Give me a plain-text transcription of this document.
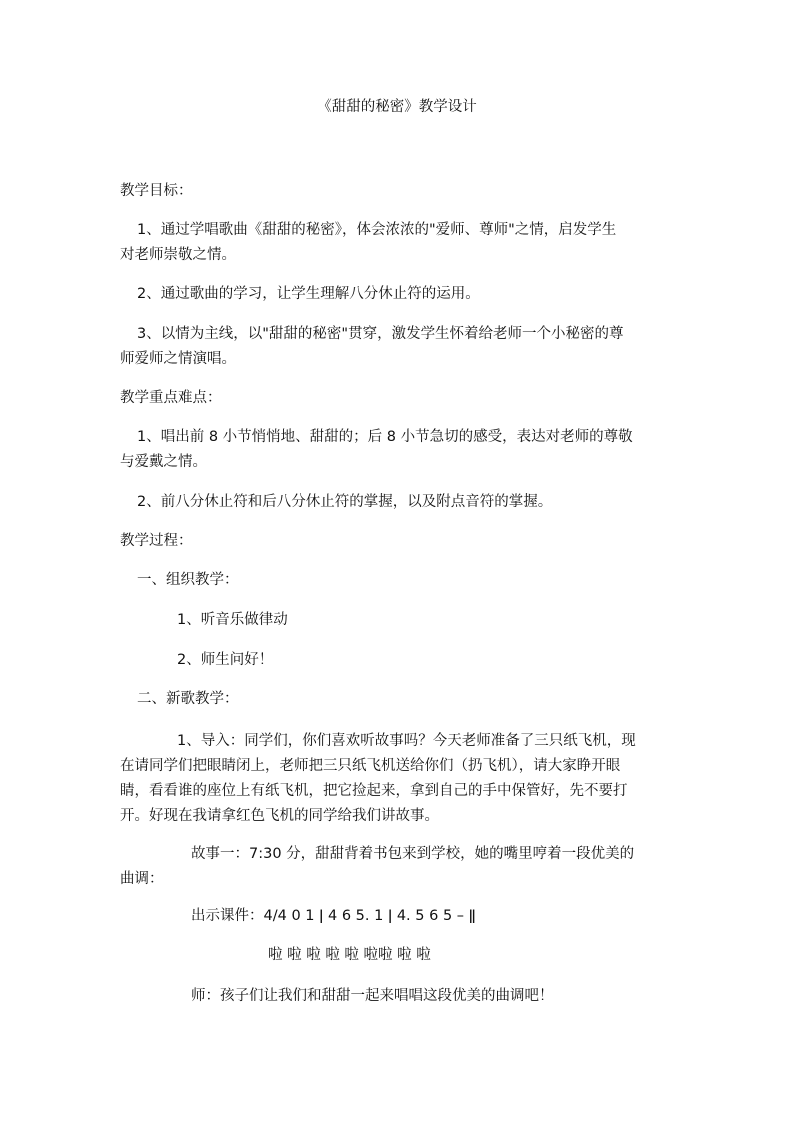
《甜甜的秘密》教学设计

教学目标：

1、通过学唱歌曲《甜甜的秘密》，体会浓浓的"爱师、尊师"之情，启发学生

对老师崇敬之情。

2、通过歌曲的学习，让学生理解八分休止符的运用。

3、以情为主线，以"甜甜的秘密"贯穿，激发学生怀着给老师一个小秘密的尊

师爱师之情演唱。

教学重点难点：

1、唱出前 8 小节悄悄地、甜甜的；后 8 小节急切的感受，表达对老师的尊敬

与爱戴之情。

2、前八分休止符和后八分休止符的掌握，以及附点音符的掌握。

教学过程：

一、组织教学：

1、听音乐做律动

2、师生问好！

二、新歌教学：

1、导入：同学们，你们喜欢听故事吗？今天老师准备了三只纸飞机，现

在请同学们把眼睛闭上，老师把三只纸飞机送给你们（扔飞机），请大家睁开眼

睛，看看谁的座位上有纸飞机，把它捡起来，拿到自己的手中保管好，先不要打

开。好现在我请拿红色飞机的同学给我们讲故事。

故事一：7:30 分，甜甜背着书包来到学校，她的嘴里哼着一段优美的

曲调：

出示课件：4/4 0 1 ǀ 4 6 5. 1 ǀ 4. 5 6 5 – ǁ

啦 啦 啦 啦 啦 啦啦 啦 啦

师：孩子们让我们和甜甜一起来唱唱这段优美的曲调吧！
